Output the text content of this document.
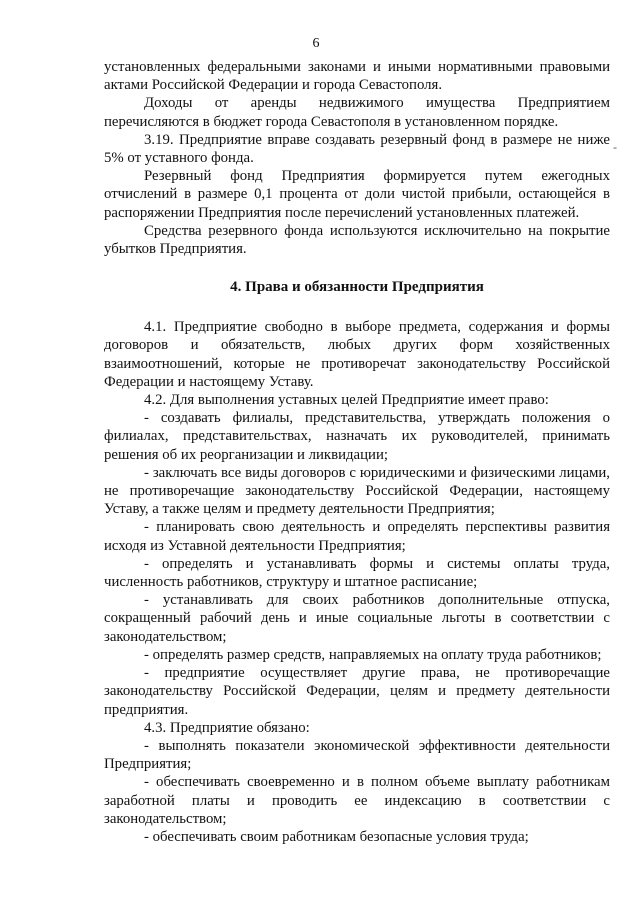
6
-

установленных федеральными законами и иными нормативными правовыми актами Российской Федерации и города Севастополя.

Доходы от аренды недвижимого имущества Предприятием перечисляются в бюджет города Севастополя в установленном порядке.

3.19. Предприятие вправе создавать резервный фонд в размере не ниже 5% от уставного фонда.

Резервный фонд Предприятия формируется путем ежегодных отчислений в размере 0,1 процента от доли чистой прибыли, остающейся в распоряжении Предприятия после перечислений установленных платежей.

Средства резервного фонда используются исключительно на покрытие убытков Предприятия.

4. Права и обязанности Предприятия

4.1. Предприятие свободно в выборе предмета, содержания и формы договоров и обязательств, любых других форм хозяйственных взаимоотношений, которые не противоречат законодательству Российской Федерации и настоящему Уставу.

4.2. Для выполнения уставных целей Предприятие имеет право:

- создавать филиалы, представительства, утверждать положения о филиалах, представительствах, назначать их руководителей, принимать решения об их реорганизации и ликвидации;

- заключать все виды договоров с юридическими и физическими лицами, не противоречащие законодательству Российской Федерации, настоящему Уставу, а также целям и предмету деятельности Предприятия;

- планировать свою деятельность и определять перспективы развития исходя из Уставной деятельности Предприятия;

- определять и устанавливать формы и системы оплаты труда, численность работников, структуру и штатное расписание;

- устанавливать для своих работников дополнительные отпуска, сокращенный рабочий день и иные социальные льготы в соответствии с законодательством;

- определять размер средств, направляемых на оплату труда работников;

- предприятие осуществляет другие права, не противоречащие законодательству Российской Федерации, целям и предмету деятельности предприятия.

4.3. Предприятие обязано:

- выполнять показатели экономической эффективности деятельности Предприятия;

- обеспечивать своевременно и в полном объеме выплату работникам заработной платы и проводить ее индексацию в соответствии с законодательством;

- обеспечивать своим работникам безопасные условия труда;
